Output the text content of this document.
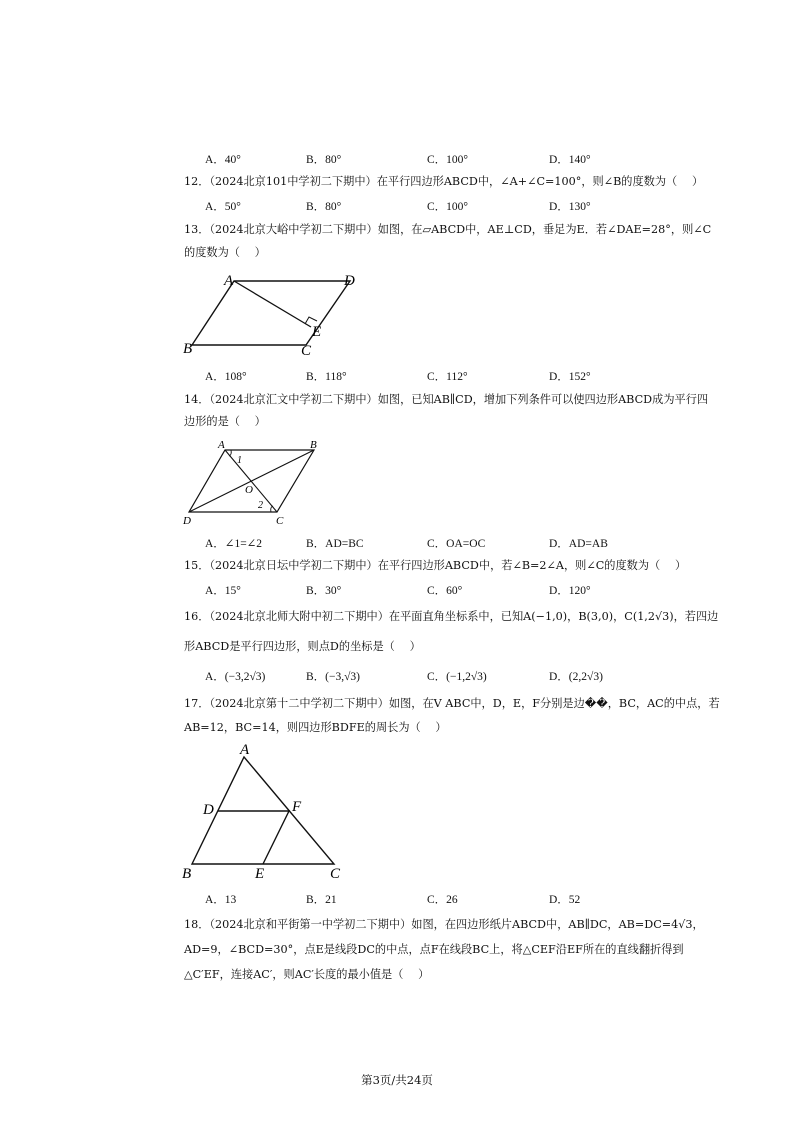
A．40°	B．80°	C．100°	D．140°
12．（2024北京101中学初二下期中）在平行四边形ABCD中，∠A+∠C=100°，则∠B的度数为（　 ）
A．50°	B．80°	C．100°	D．130°
13．（2024北京大峪中学初二下期中）如图，在▱ABCD中，AE⊥CD，垂足为E．若∠DAE=28°，则∠C
的度数为（　 ）
A	D
E
B	C
A．108°	B．118°	C．112°	D．152°
14．（2024北京汇文中学初二下期中）如图，已知AB∥CD，增加下列条件可以使四边形ABCD成为平行四
边形的是（　 ）
A	B
1
O
2
D	C
A．∠1=∠2	B．AD=BC	C．OA=OC	D．AD=AB
15．（2024北京日坛中学初二下期中）在平行四边形ABCD中，若∠B=2∠A，则∠C的度数为（　 ）
A．15°	B．30°	C．60°	D．120°
16．（2024北京北师大附中初二下期中）在平面直角坐标系中，已知A(−1,0)，B(3,0)，C(1,2√3)，若四边
形ABCD是平行四边形，则点D的坐标是（　 ）
A．(−3,2√3)	B．(−3,√3)	C．(−1,2√3)	D．(2,2√3)
17．（2024北京第十二中学初二下期中）如图，在V ABC中，D，E，F分别是边��，BC，AC的中点，若
AB=12，BC=14，则四边形BDFE的周长为（　 ）
A
D	F
B	E	C
A．13	B．21	C．26	D．52
18．（2024北京和平街第一中学初二下期中）如图，在四边形纸片ABCD中，AB∥DC，AB=DC=4√3，
AD=9，∠BCD=30°，点E是线段DC的中点，点F在线段BC上，将△CEF沿EF所在的直线翻折得到
△C′EF，连接AC′，则AC′长度的最小值是（　 ）
第3页/共24页
